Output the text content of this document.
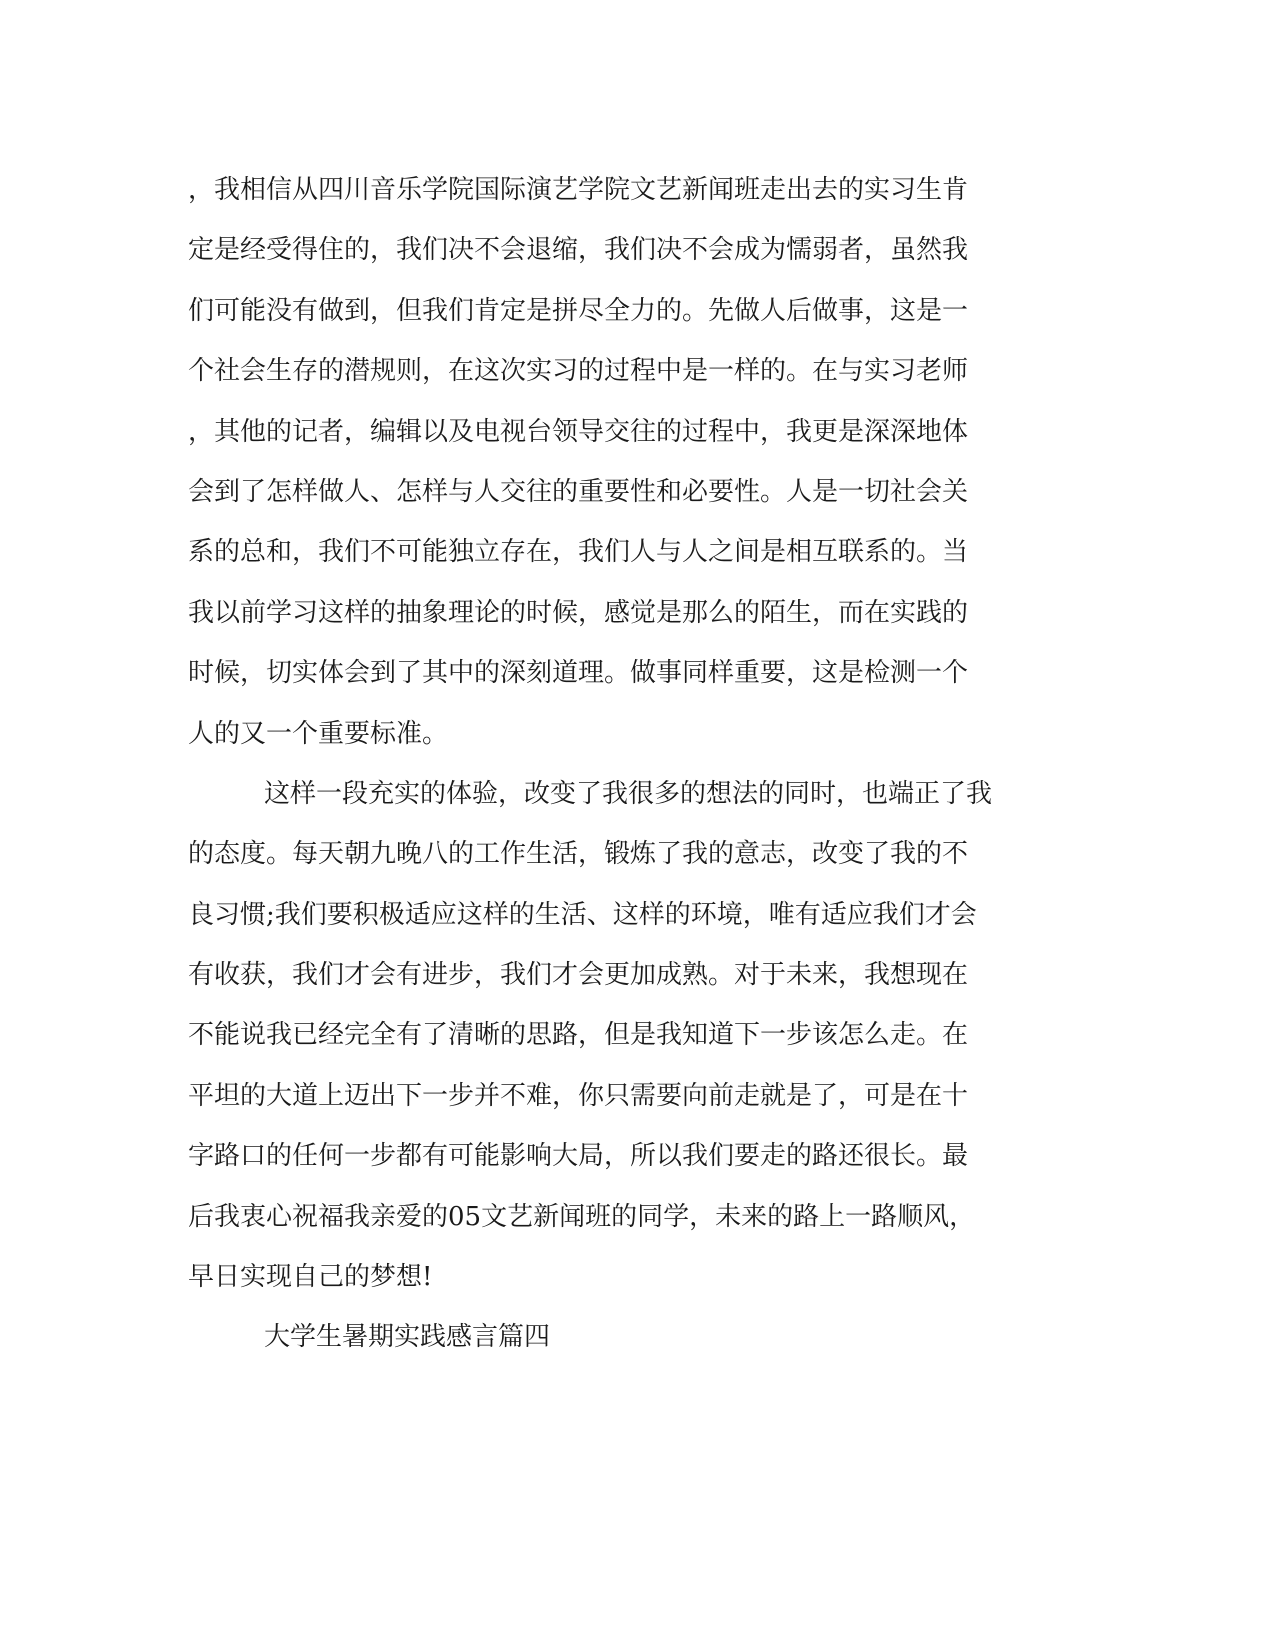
，我相信从四川音乐学院国际演艺学院文艺新闻班走出去的实习生肯
定是经受得住的，我们决不会退缩，我们决不会成为懦弱者，虽然我
们可能没有做到，但我们肯定是拼尽全力的。先做人后做事，这是一
个社会生存的潜规则，在这次实习的过程中是一样的。在与实习老师
，其他的记者，编辑以及电视台领导交往的过程中，我更是深深地体
会到了怎样做人、怎样与人交往的重要性和必要性。人是一切社会关
系的总和，我们不可能独立存在，我们人与人之间是相互联系的。当
我以前学习这样的抽象理论的时候，感觉是那么的陌生，而在实践的
时候，切实体会到了其中的深刻道理。做事同样重要，这是检测一个
人的又一个重要标准。
这样一段充实的体验，改变了我很多的想法的同时，也端正了我
的态度。每天朝九晚八的工作生活，锻炼了我的意志，改变了我的不
良习惯;我们要积极适应这样的生活、这样的环境，唯有适应我们才会
有收获，我们才会有进步，我们才会更加成熟。对于未来，我想现在
不能说我已经完全有了清晰的思路，但是我知道下一步该怎么走。在
平坦的大道上迈出下一步并不难，你只需要向前走就是了，可是在十
字路口的任何一步都有可能影响大局，所以我们要走的路还很长。最
后我衷心祝福我亲爱的05文艺新闻班的同学，未来的路上一路顺风，
早日实现自己的梦想!
大学生暑期实践感言篇四
